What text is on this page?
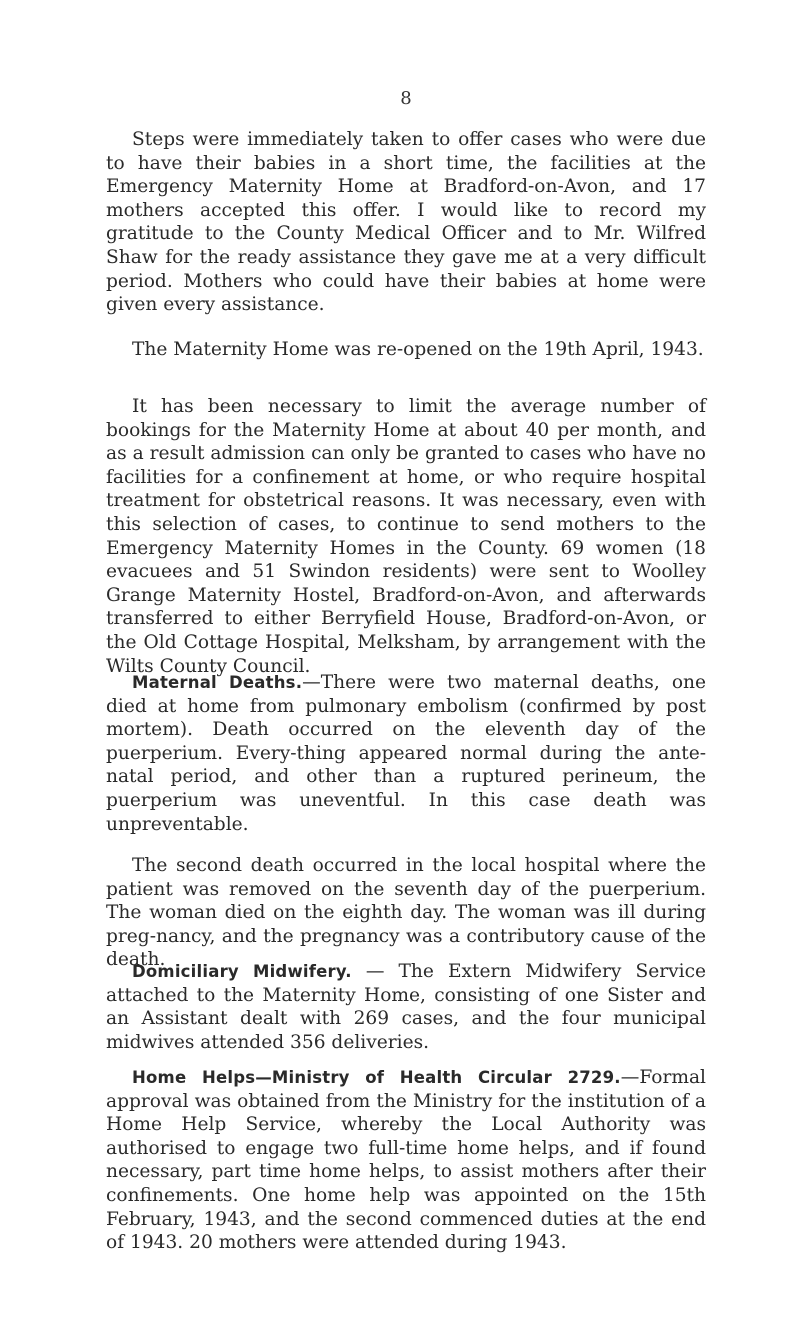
8

Steps were immediately taken to offer cases who were due to have their babies in a short time, the facilities at the Emergency Maternity Home at Bradford-on-Avon, and 17 mothers accepted this offer. I would like to record my gratitude to the County Medical Officer and to Mr. Wilfred Shaw for the ready assistance they gave me at a very difficult period. Mothers who could have their babies at home were given every assistance.

The Maternity Home was re-opened on the 19th April, 1943.

It has been necessary to limit the average number of bookings for the Maternity Home at about 40 per month, and as a result admission can only be granted to cases who have no facilities for a confinement at home, or who require hospital treatment for obstetrical reasons. It was necessary, even with this selection of cases, to continue to send mothers to the Emergency Maternity Homes in the County. 69 women (18 evacuees and 51 Swindon residents) were sent to Woolley Grange Maternity Hostel, Bradford-on-Avon, and afterwards transferred to either Berryfield House, Bradford-on-Avon, or the Old Cottage Hospital, Melksham, by arrangement with the Wilts County Council.

Maternal Deaths.—There were two maternal deaths, one died at home from pulmonary embolism (confirmed by post mortem). Death occurred on the eleventh day of the puerperium. Every-thing appeared normal during the ante-natal period, and other than a ruptured perineum, the puerperium was uneventful. In this case death was unpreventable.

The second death occurred in the local hospital where the patient was removed on the seventh day of the puerperium. The woman died on the eighth day. The woman was ill during preg-nancy, and the pregnancy was a contributory cause of the death.

Domiciliary Midwifery. — The Extern Midwifery Service attached to the Maternity Home, consisting of one Sister and an Assistant dealt with 269 cases, and the four municipal midwives attended 356 deliveries.

Home Helps—Ministry of Health Circular 2729.—Formal approval was obtained from the Ministry for the institution of a Home Help Service, whereby the Local Authority was authorised to engage two full-time home helps, and if found necessary, part time home helps, to assist mothers after their confinements. One home help was appointed on the 15th February, 1943, and the second commenced duties at the end of 1943. 20 mothers were attended during 1943.
